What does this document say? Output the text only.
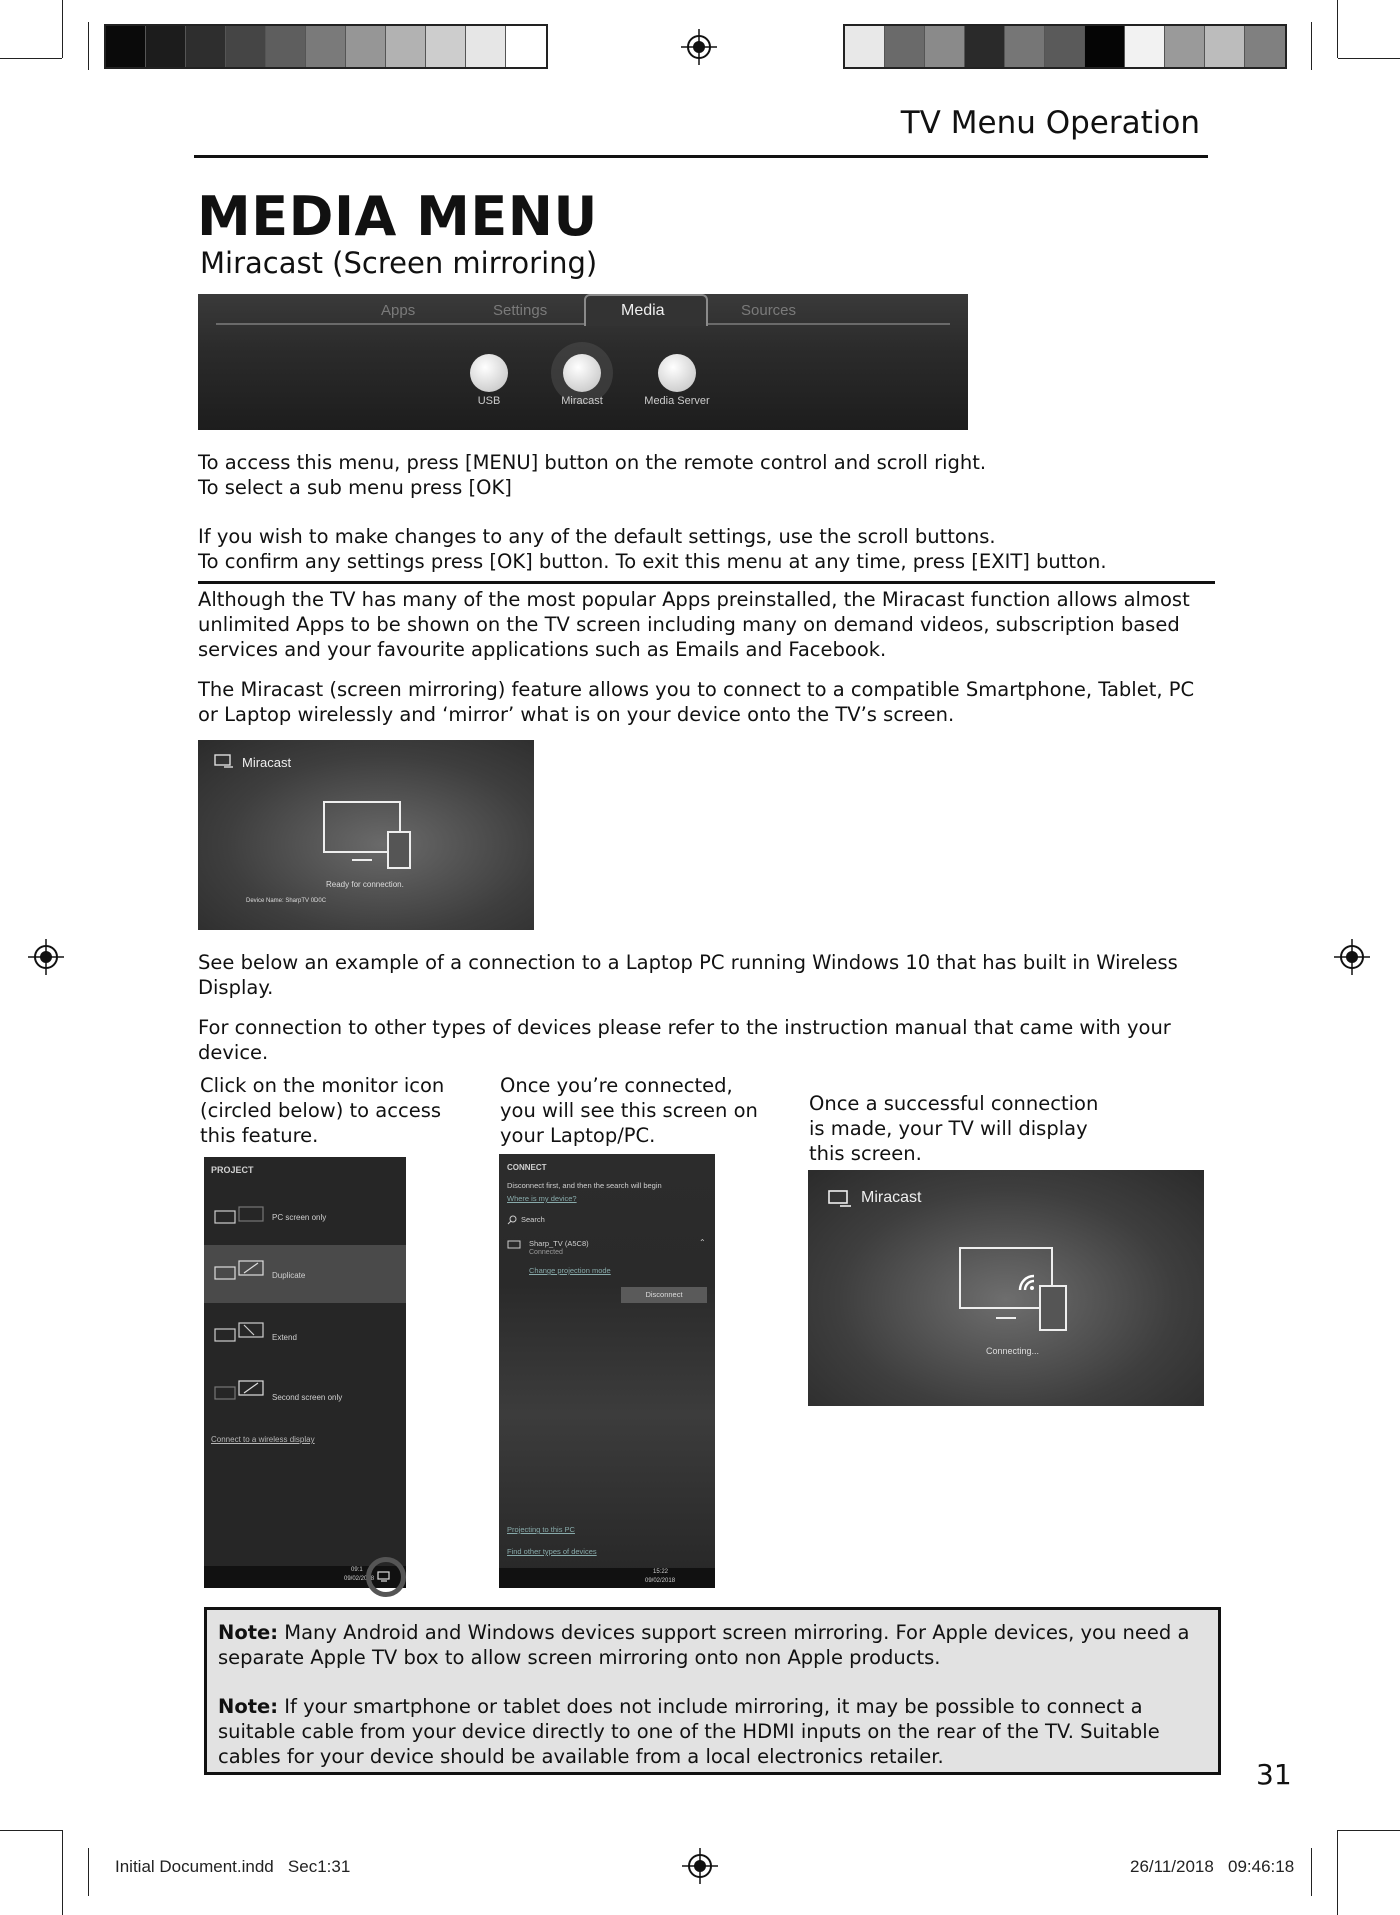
TV Menu Operation
MEDIA MENU
Miracast (Screen mirroring)
Apps	Settings	Media	Sources
USB	Miracast	Media Server
To access this menu, press [MENU] button on the remote control and scroll right.
To select a sub menu press [OK]
If you wish to make changes to any of the default settings, use the scroll buttons.
To confirm any settings press [OK] button. To exit this menu at any time, press [EXIT] button.
Although the TV has many of the most popular Apps preinstalled, the Miracast function allows almost unlimited Apps to be shown on the TV screen including many on demand videos, subscription based services and your favourite applications such as Emails and Facebook.
The Miracast (screen mirroring) feature allows you to connect to a compatible Smartphone, Tablet, PC or Laptop wirelessly and ‘mirror’ what is on your device onto the TV’s screen.
Miracast
Ready for connection.
Device Name: SharpTV 0D0C
See below an example of a connection to a Laptop PC running Windows 10 that has built in Wireless Display.
For connection to other types of devices please refer to the instruction manual that came with your device.
Click on the monitor icon (circled below) to access this feature.
Once you’re connected, you will see this screen on your Laptop/PC.
Once a successful connection is made, your TV will display this screen.
PROJECT
PC screen only
Duplicate
Extend
Second screen only
Connect to a wireless display
09:1
09/02/2018
CONNECT
Disconnect first, and then the search will begin
Where is my device?
Search
Sharp_TV (A5C8)
Connected
⌃
Change projection mode
Disconnect
Projecting to this PC
Find other types of devices
15:22
09/02/2018
Miracast
Connecting...
Note: Many Android and Windows devices support screen mirroring. For Apple devices, you need a separate Apple TV box to allow screen mirroring onto non Apple products.
Note: If your smartphone or tablet does not include mirroring, it may be possible to connect a suitable cable from your device directly to one of the HDMI inputs on the rear of the TV. Suitable cables for your device should be available from a local electronics retailer.
31
Initial Document.indd   Sec1:31	26/11/2018   09:46:18
